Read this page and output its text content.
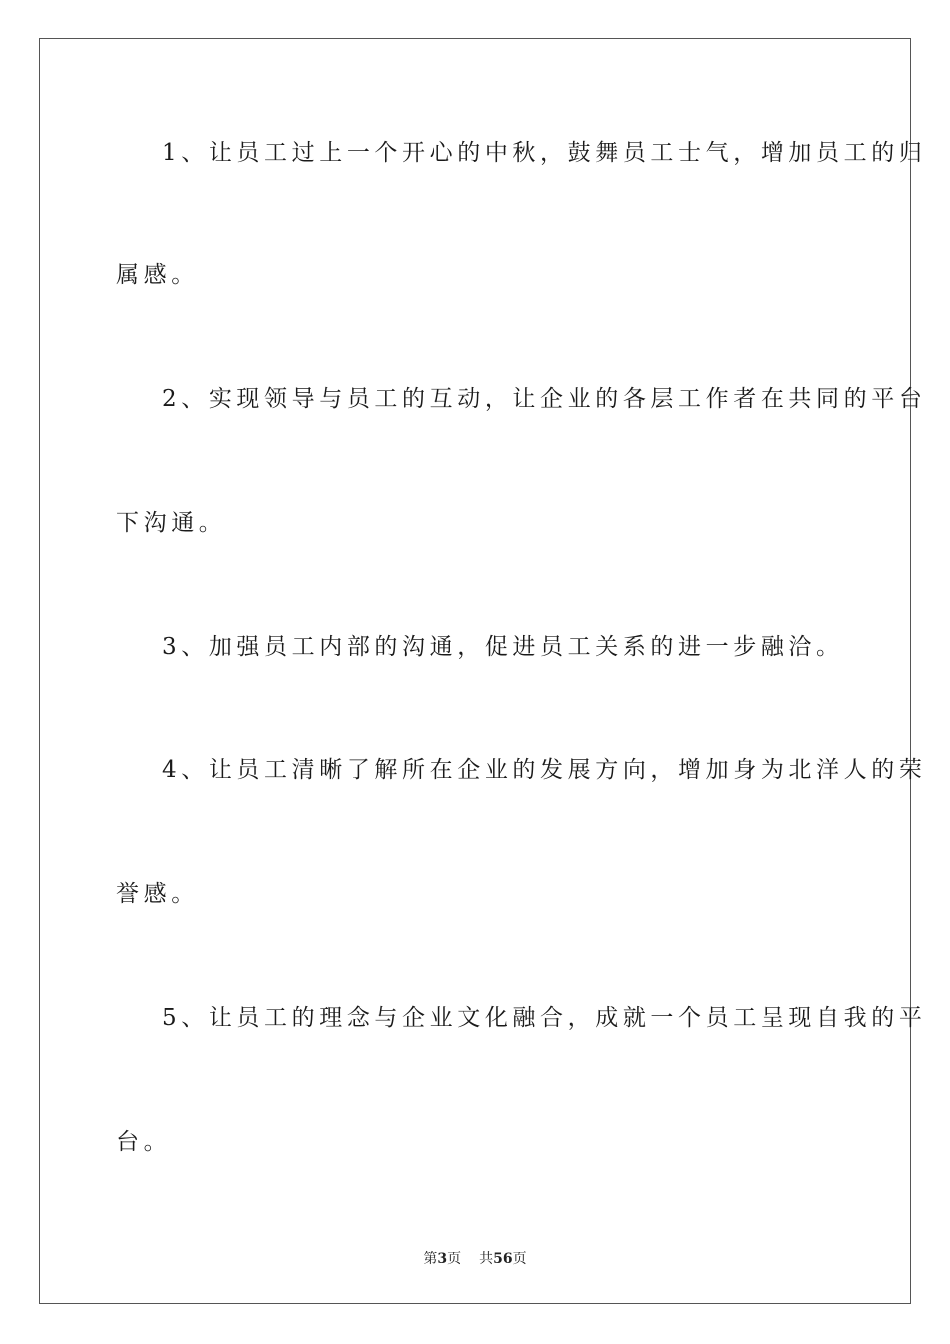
1、让员工过上一个开心的中秋，鼓舞员工士气，增加员工的归
属感。
2、实现领导与员工的互动，让企业的各层工作者在共同的平台
下沟通。
3、加强员工内部的沟通，促进员工关系的进一步融洽。
4、让员工清晰了解所在企业的发展方向，增加身为北洋人的荣
誉感。
5、让员工的理念与企业文化融合，成就一个员工呈现自我的平
台。
第3页 共56页
